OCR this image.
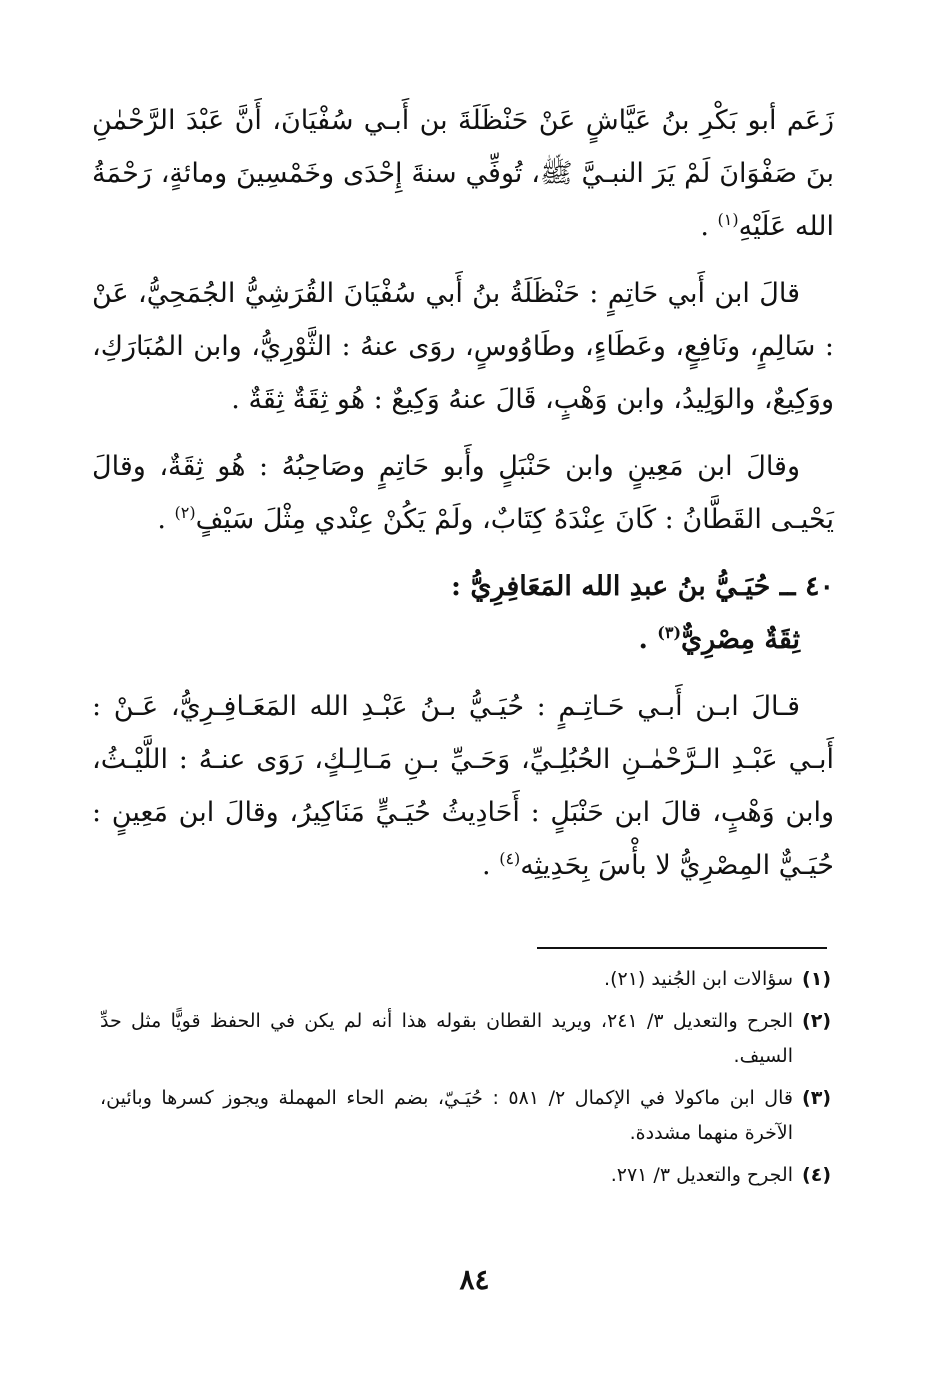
زَعَم أبو بَكْرِ بنُ عَيَّاشٍ عَنْ حَنْظَلَةَ بن أَبـي سُفْيَانَ، أَنَّ عَبْدَ الرَّحْمٰنِ بنَ صَفْوَانَ لَمْ يَرَ النبـيَّ ﷺ، تُوفِّي سنةَ إِحْدَى وخَمْسِينَ ومائةٍ، رَحْمَةُ الله عَلَيْهِ$^{(١)}$ .

قالَ ابن أَبي حَاتِمٍ : حَنْظَلَةُ بنُ أَبي سُفْيَانَ القُرَشِيُّ الجُمَحِيُّ، عَنْ : سَالِمٍ، ونَافِعٍ، وعَطَاءٍ، وطَاوُوسٍ، روَى عنهُ : الثَّوْرِيُّ، وابن المُبَارَكِ، ووَكِيعٌ، والوَلِيدُ، وابن وَهْبٍ، قَالَ عنهُ وَكِيعٌ : هُو ثِقَةٌ ثِقَةٌ .

وقالَ ابن مَعِينٍ وابن حَنْبَلٍ وأَبو حَاتِمٍ وصَاحِبُهُ : هُو ثِقَةٌ، وقالَ يَحْيـى القَطَّانُ : كَانَ عِنْدَهُ كِتَابٌ، ولَمْ يَكُنْ عِنْدي مِثْلَ سَيْفٍ$^{(٢)}$ .

٤٠ ــ حُيَـيُّ بنُ عبدِ الله المَعَافِرِيُّ :

ثِقَةٌ مِصْرِيٌّ$^{(٣)}$ .

قـالَ ابـن أَبـي حَـاتِـمٍ : حُيَـيُّ بـنُ عَبْـدِ الله المَعَـافِـرِيُّ، عَـنْ : أَبـي عَبْـدِ الـرَّحْمٰـنِ الحُبُلِـيِّ، وَحَـيِّ بـنِ مَـالِـكٍ، رَوَى عنـهُ : اللَّيْـثُ، وابن وَهْبٍ، قالَ ابن حَنْبَلٍ : أَحَادِيثُ حُيَـيٍّ مَنَاكِيرُ، وقالَ ابن مَعِينٍ : حُيَـيٌّ المِصْرِيُّ لا بأْسَ بِحَدِيثِه$^{(٤)}$ .

(١)
سؤالات ابن الجُنيد (٢١).
(٢)
الجرح والتعديل ٣/ ٢٤١، ويريد القطان بقوله هذا أنه لم يكن في الحفظ قويًّا مثل حدِّ السيف.
(٣)
قال ابن ماكولا في الإكمال ٢/ ٥٨١ : حُيَـيّ، بضم الحاء المهملة ويجوز كسرها وبائين، الآخرة منهما مشددة.
(٤)
الجرح والتعديل ٣/ ٢٧١.
٨٤
